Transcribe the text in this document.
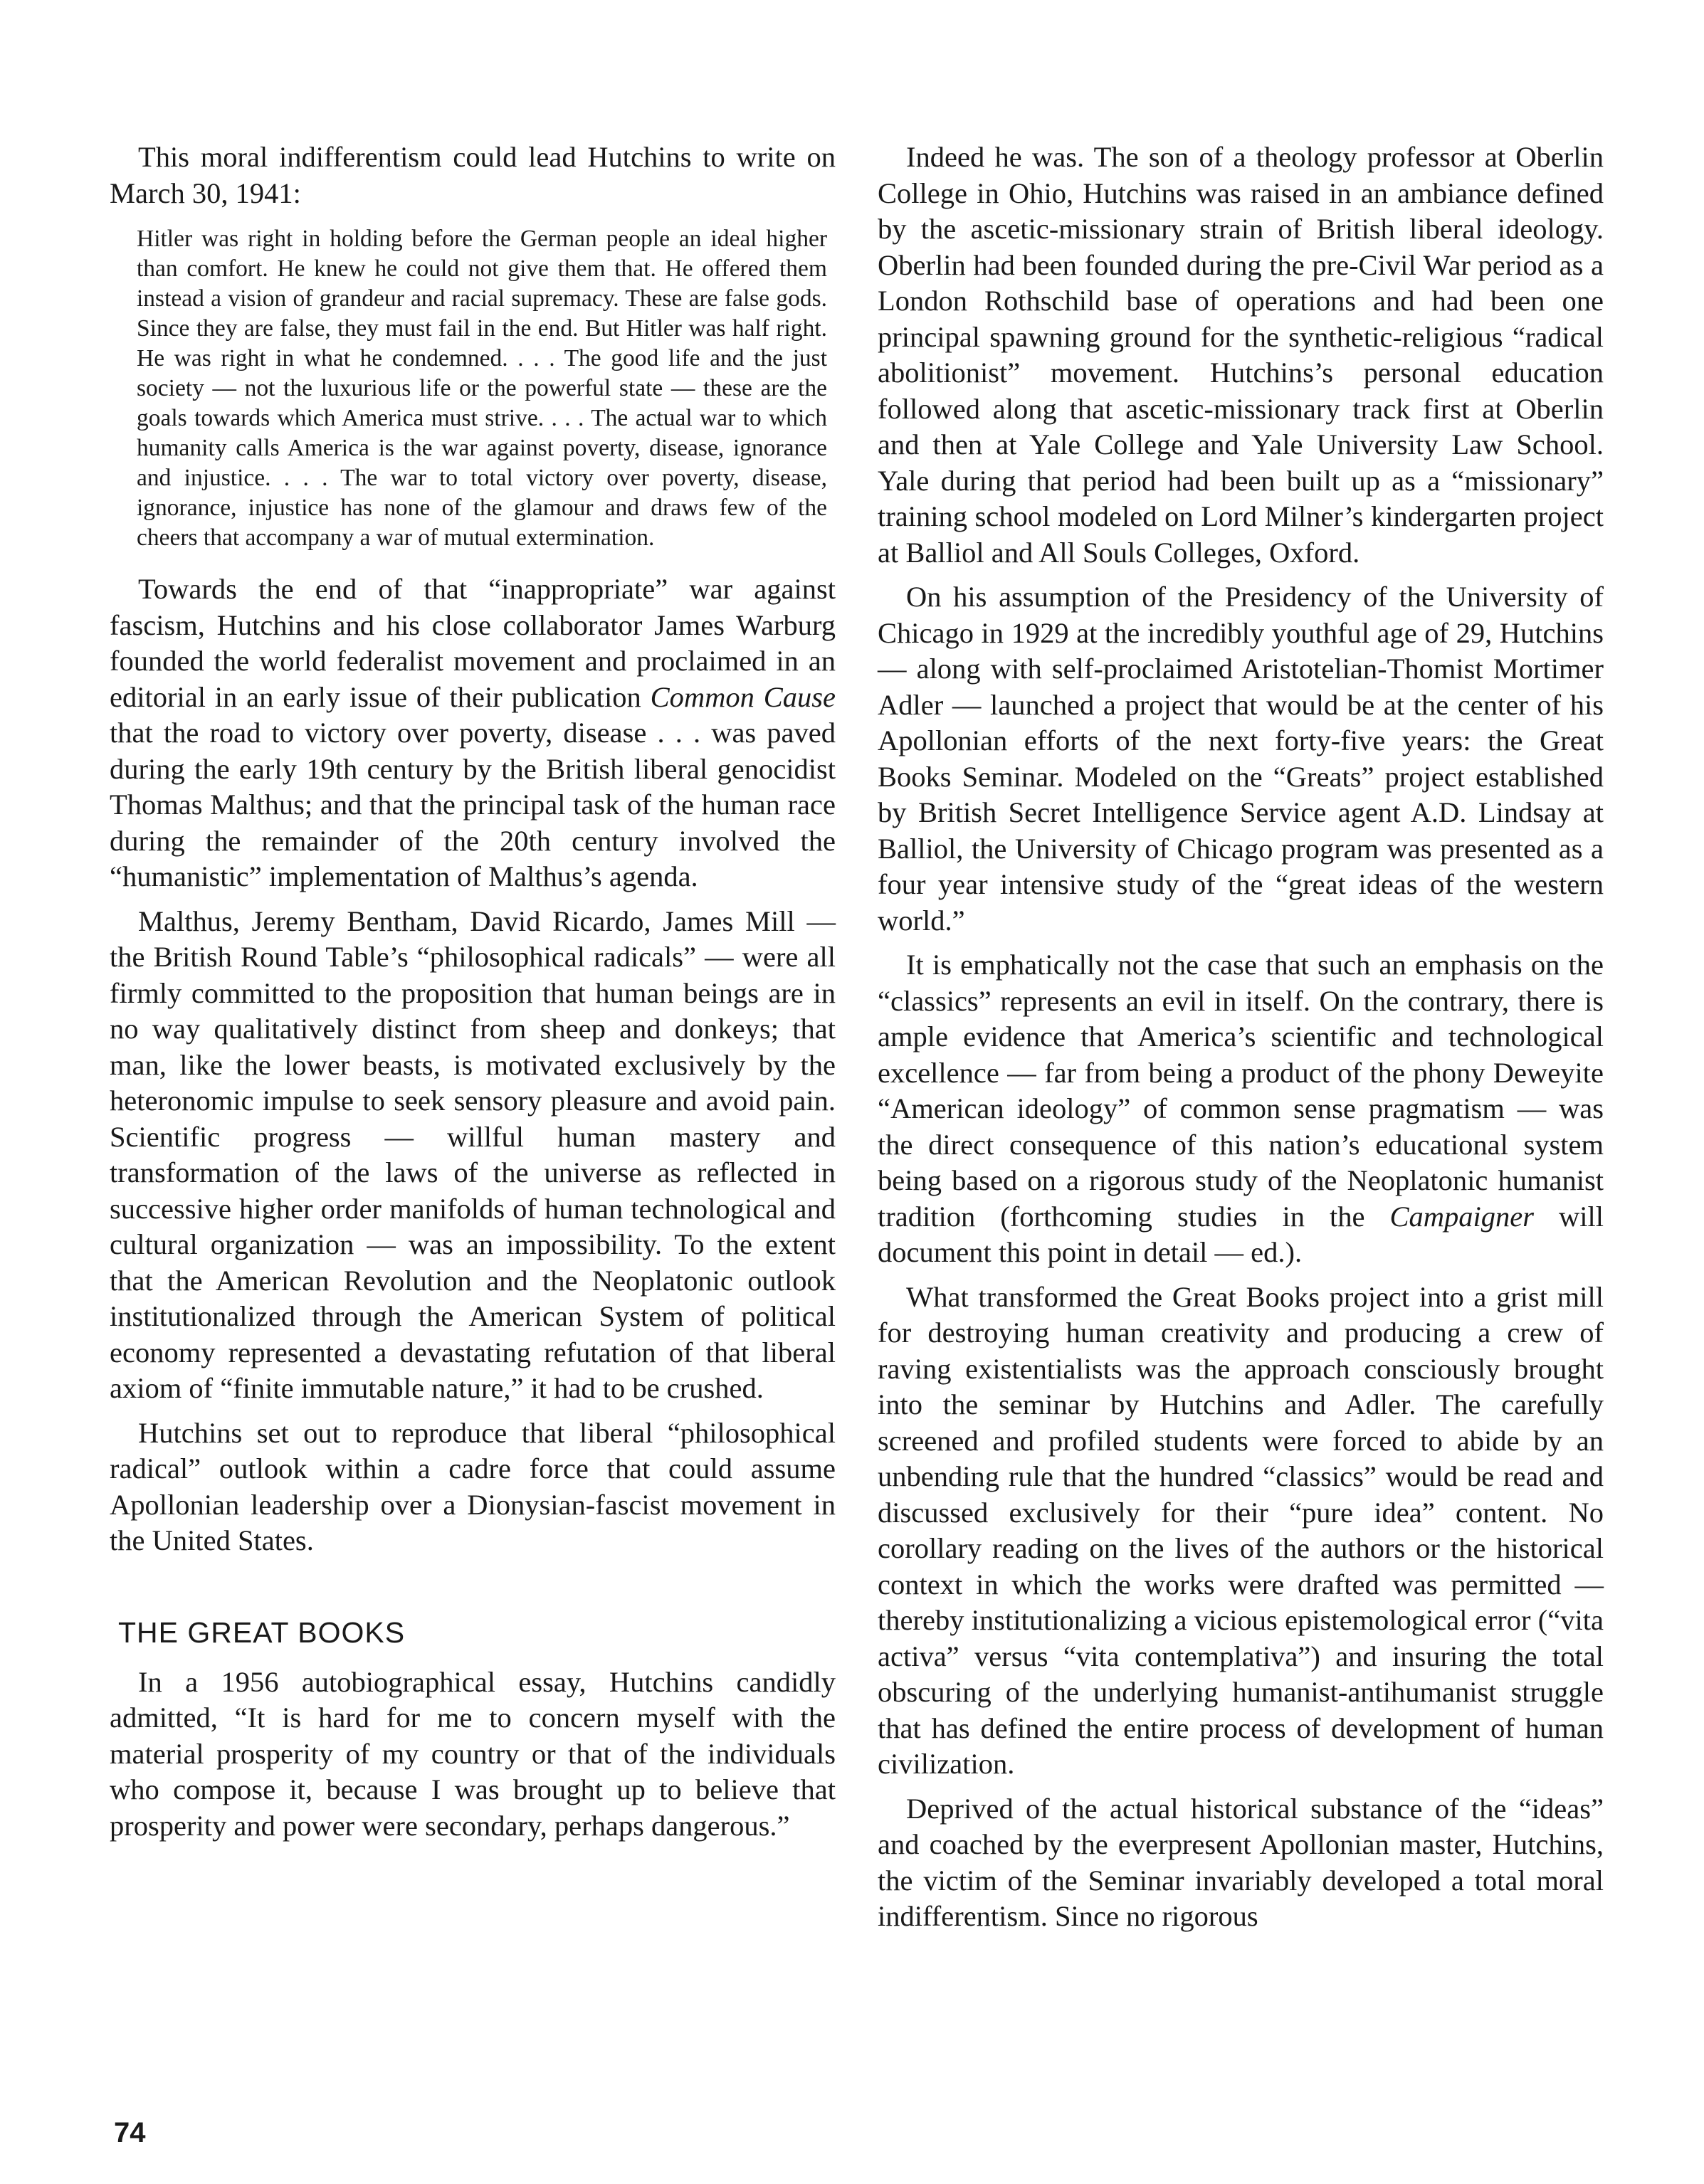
This moral indifferentism could lead Hutchins to write on March 30, 1941:

Hitler was right in holding before the German people an ideal higher than comfort. He knew he could not give them that. He offered them instead a vision of grandeur and racial supremacy. These are false gods. Since they are false, they must fail in the end. But Hitler was half right. He was right in what he condemned. . . . The good life and the just society — not the luxurious life or the powerful state — these are the goals towards which America must strive. . . . The actual war to which humanity calls America is the war against poverty, disease, ignorance and injustice. . . . The war to total victory over poverty, disease, ignorance, injustice has none of the glamour and draws few of the cheers that accompany a war of mutual extermination.

Towards the end of that “inappropriate” war against fascism, Hutchins and his close collaborator James Warburg founded the world federalist movement and proclaimed in an editorial in an early issue of their publication Common Cause that the road to victory over poverty, disease . . . was paved during the early 19th century by the British liberal genocidist Thomas Malthus; and that the principal task of the human race during the remainder of the 20th century involved the “humanistic” implementation of Malthus’s agenda.

Malthus, Jeremy Bentham, David Ricardo, James Mill — the British Round Table’s “philosophical radicals” — were all firmly committed to the proposition that human beings are in no way qualitatively distinct from sheep and donkeys; that man, like the lower beasts, is motivated exclusively by the heteronomic impulse to seek sensory pleasure and avoid pain. Scientific progress — willful human mastery and transformation of the laws of the universe as reflected in successive higher order manifolds of human technological and cultural organization — was an impossibility. To the extent that the American Revolution and the Neoplatonic outlook institutionalized through the American System of political economy represented a devastating refutation of that liberal axiom of “finite immutable nature,” it had to be crushed.

Hutchins set out to reproduce that liberal “philosophical radical” outlook within a cadre force that could assume Apollonian leadership over a Dionysian-fascist movement in the United States.

THE GREAT BOOKS

In a 1956 autobiographical essay, Hutchins candidly admitted, “It is hard for me to concern myself with the material prosperity of my country or that of the individuals who compose it, because I was brought up to believe that prosperity and power were secondary, perhaps dangerous.”

Indeed he was. The son of a theology professor at Oberlin College in Ohio, Hutchins was raised in an ambiance defined by the ascetic-missionary strain of British liberal ideology. Oberlin had been founded during the pre-Civil War period as a London Rothschild base of operations and had been one principal spawning ground for the synthetic-religious “radical abolitionist” movement. Hutchins’s personal education followed along that ascetic-missionary track first at Oberlin and then at Yale College and Yale University Law School. Yale during that period had been built up as a “missionary” training school modeled on Lord Milner’s kindergarten project at Balliol and All Souls Colleges, Oxford.

On his assumption of the Presidency of the University of Chicago in 1929 at the incredibly youthful age of 29, Hutchins — along with self-proclaimed Aristotelian-Thomist Mortimer Adler — launched a project that would be at the center of his Apollonian efforts of the next forty-five years: the Great Books Seminar. Modeled on the “Greats” project established by British Secret Intelligence Service agent A.D. Lindsay at Balliol, the University of Chicago program was presented as a four year intensive study of the “great ideas of the western world.”

It is emphatically not the case that such an emphasis on the “classics” represents an evil in itself. On the contrary, there is ample evidence that America’s scientific and technological excellence — far from being a product of the phony Deweyite “American ideology” of common sense pragmatism — was the direct consequence of this nation’s educational system being based on a rigorous study of the Neoplatonic humanist tradition (forthcoming studies in the Campaigner will document this point in detail — ed.).

What transformed the Great Books project into a grist mill for destroying human creativity and producing a crew of raving existentialists was the approach consciously brought into the seminar by Hutchins and Adler. The carefully screened and profiled students were forced to abide by an unbending rule that the hundred “classics” would be read and discussed exclusively for their “pure idea” content. No corollary reading on the lives of the authors or the historical context in which the works were drafted was permitted — thereby institutionalizing a vicious epistemological error (“vita activa” versus “vita contemplativa”) and insuring the total obscuring of the underlying humanist-antihumanist struggle that has defined the entire process of development of human civilization.

Deprived of the actual historical substance of the “ideas” and coached by the everpresent Apollonian master, Hutchins, the victim of the Seminar invariably developed a total moral indifferentism. Since no rigorous

74
